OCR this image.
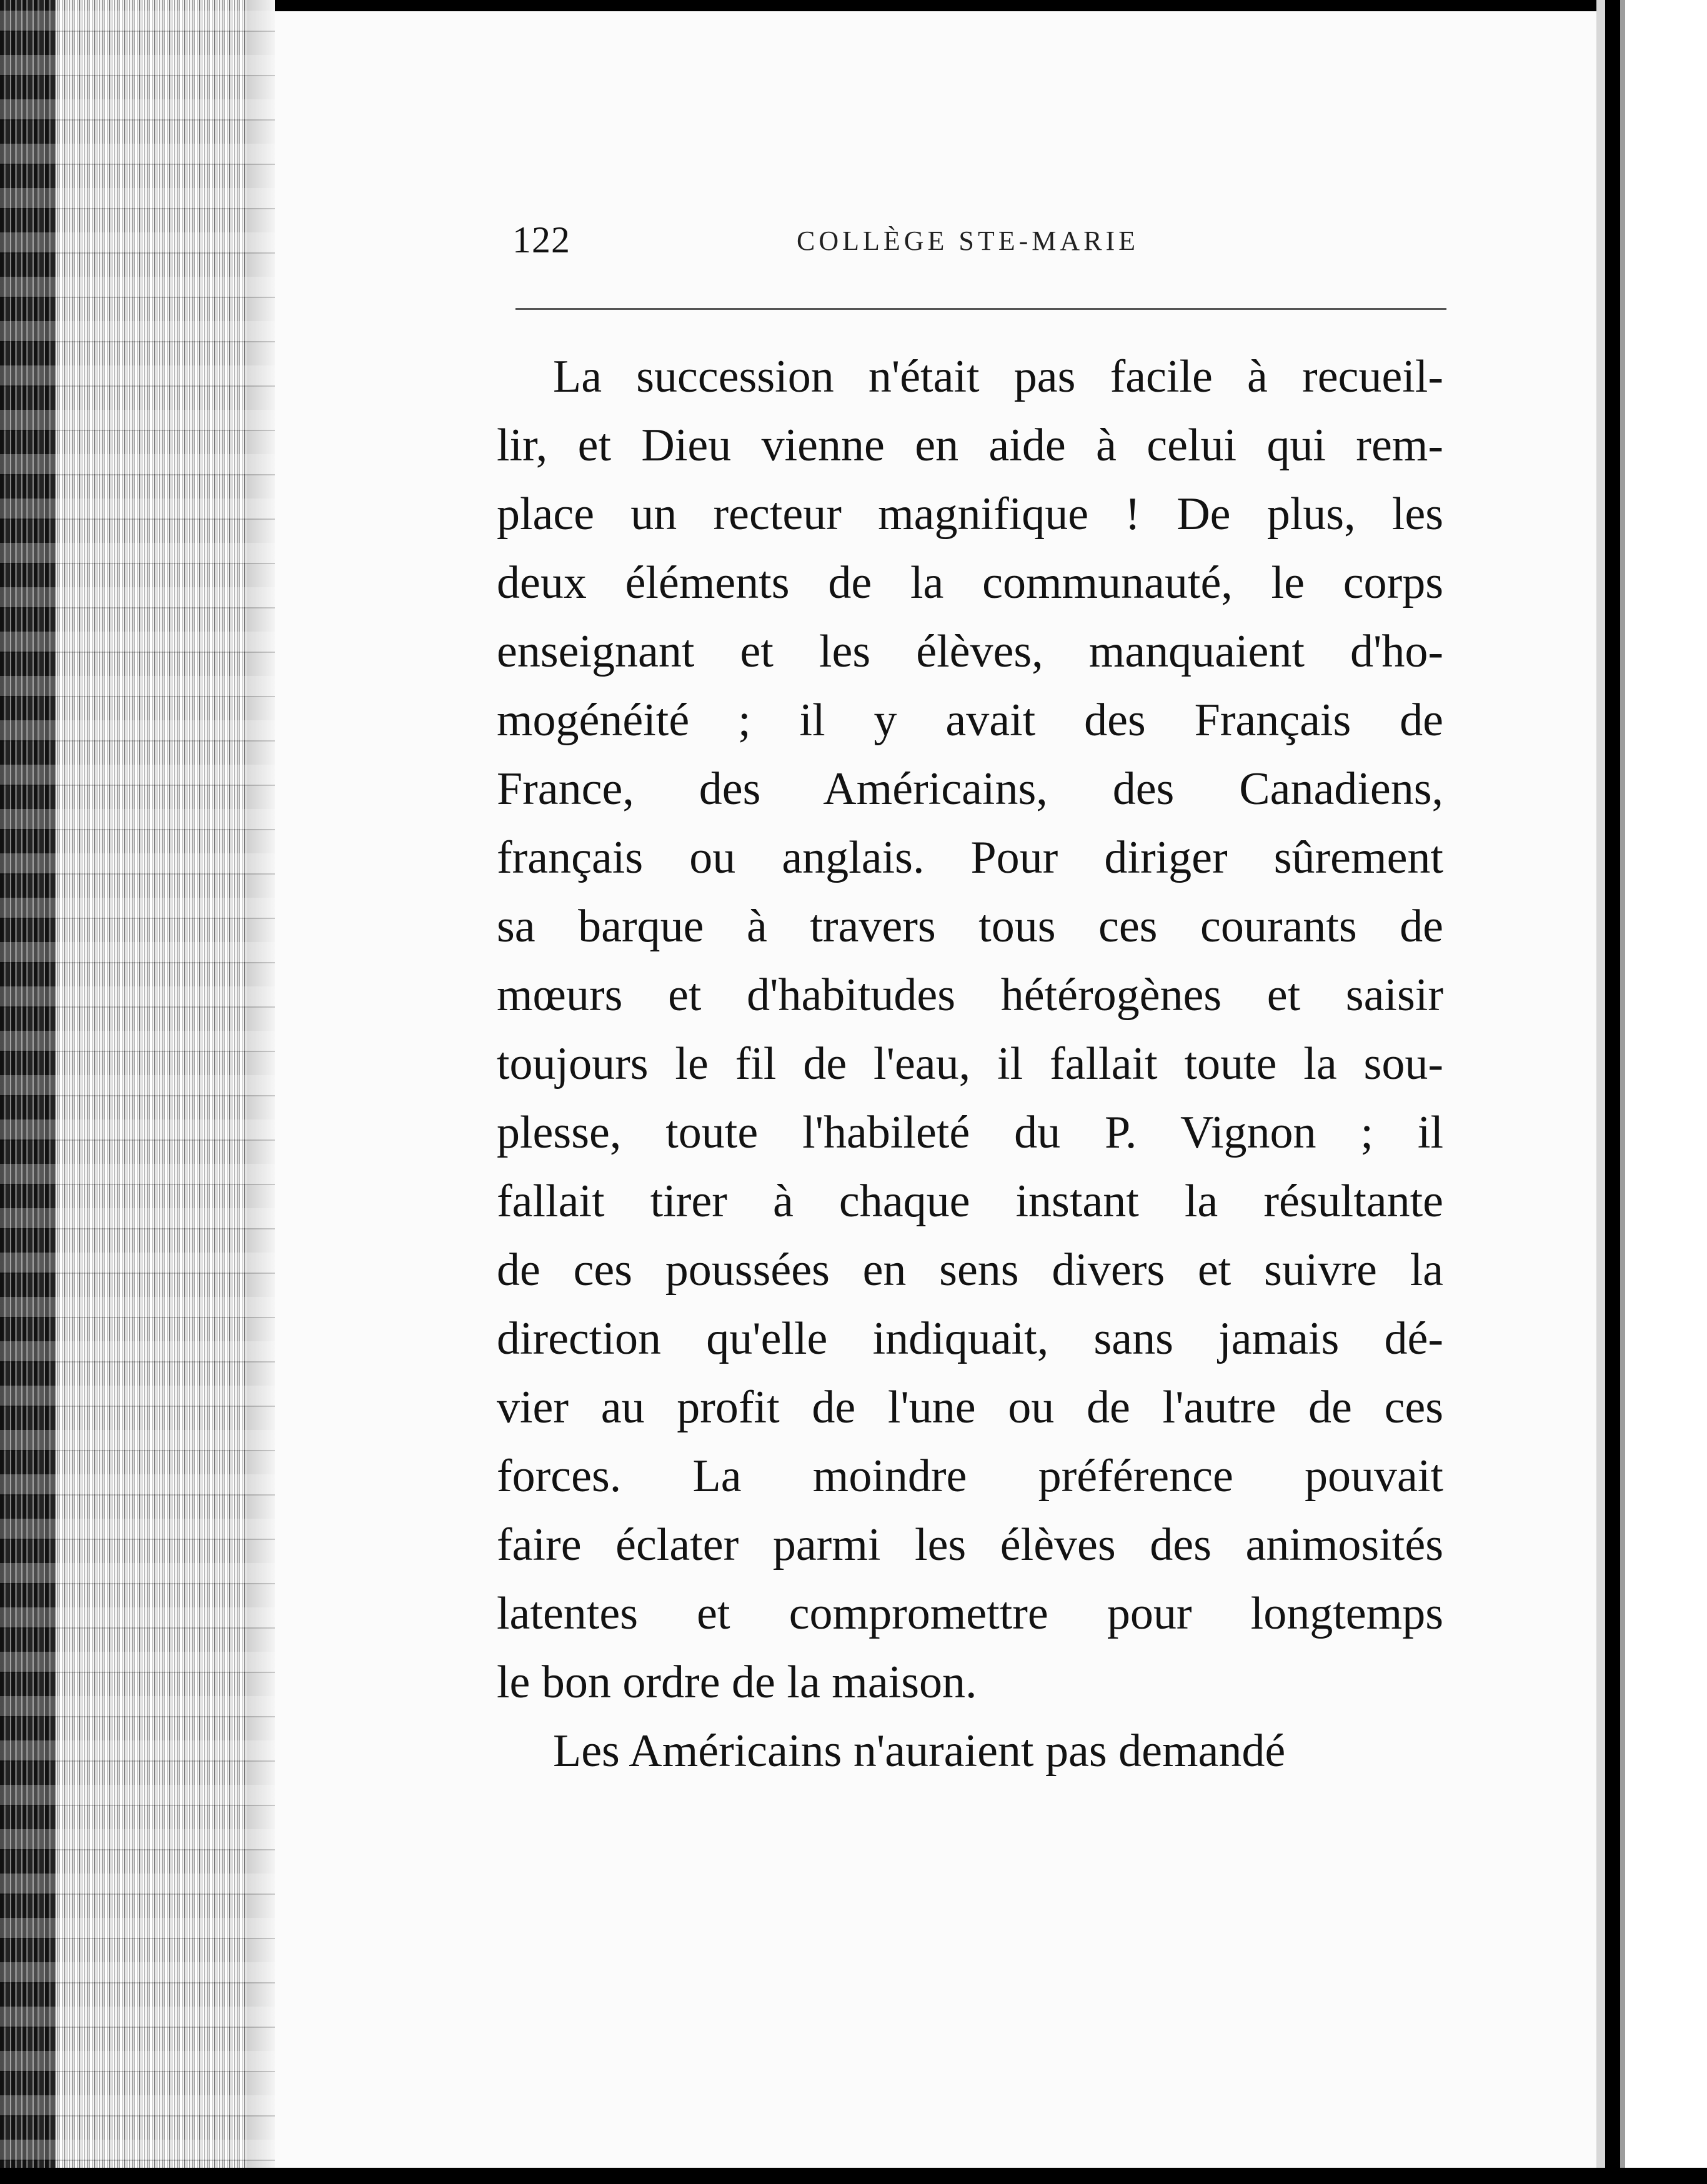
122	COLLÈGE STE-MARIE
La succession n'était pas facile à recueil-
lir, et Dieu vienne en aide à celui qui rem-
place un recteur magnifique ! De plus, les
deux éléments de la communauté, le corps
enseignant et les élèves, manquaient d'ho-
mogénéité ; il y avait des Français de
France, des Américains, des Canadiens,
français ou anglais. Pour diriger sûrement
sa barque à travers tous ces courants de
mœurs et d'habitudes hétérogènes et saisir
toujours le fil de l'eau, il fallait toute la sou-
plesse, toute l'habileté du P. Vignon ; il
fallait tirer à chaque instant la résultante
de ces poussées en sens divers et suivre la
direction qu'elle indiquait, sans jamais dé-
vier au profit de l'une ou de l'autre de ces
forces. La moindre préférence pouvait
faire éclater parmi les élèves des animosités
latentes et compromettre pour longtemps
le bon ordre de la maison.
Les Américains n'auraient pas demandé
